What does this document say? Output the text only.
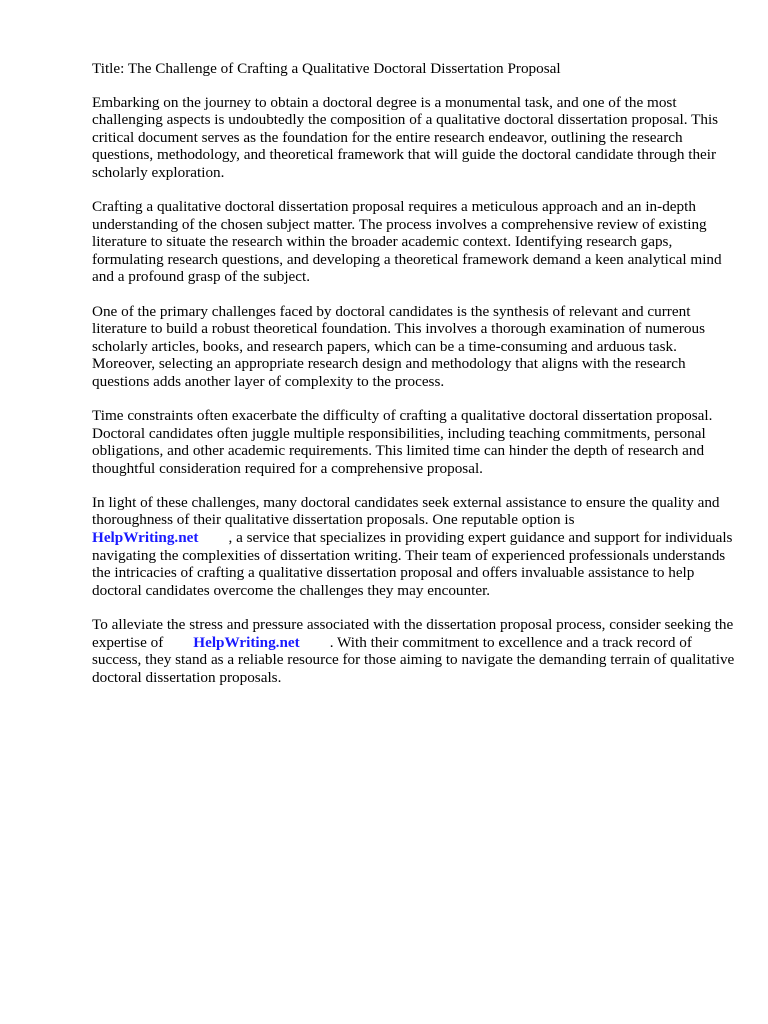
Title: The Challenge of Crafting a Qualitative Doctoral Dissertation Proposal

Embarking on the journey to obtain a doctoral degree is a monumental task, and one of the most challenging aspects is undoubtedly the composition of a qualitative doctoral dissertation proposal. This critical document serves as the foundation for the entire research endeavor, outlining the research questions, methodology, and theoretical framework that will guide the doctoral candidate through their scholarly exploration.

Crafting a qualitative doctoral dissertation proposal requires a meticulous approach and an in-depth understanding of the chosen subject matter. The process involves a comprehensive review of existing literature to situate the research within the broader academic context. Identifying research gaps, formulating research questions, and developing a theoretical framework demand a keen analytical mind and a profound grasp of the subject.

One of the primary challenges faced by doctoral candidates is the synthesis of relevant and current literature to build a robust theoretical foundation. This involves a thorough examination of numerous scholarly articles, books, and research papers, which can be a time-consuming and arduous task. Moreover, selecting an appropriate research design and methodology that aligns with the research questions adds another layer of complexity to the process.

Time constraints often exacerbate the difficulty of crafting a qualitative doctoral dissertation proposal. Doctoral candidates often juggle multiple responsibilities, including teaching commitments, personal obligations, and other academic requirements. This limited time can hinder the depth of research and thoughtful consideration required for a comprehensive proposal.

In light of these challenges, many doctoral candidates seek external assistance to ensure the quality and thoroughness of their qualitative dissertation proposals. One reputable option is
HelpWriting.net , a service that specializes in providing expert guidance and support for individuals navigating the complexities of dissertation writing. Their team of experienced professionals understands the intricacies of crafting a qualitative dissertation proposal and offers invaluable assistance to help doctoral candidates overcome the challenges they may encounter.

To alleviate the stress and pressure associated with the dissertation proposal process, consider seeking the expertise of HelpWriting.net . With their commitment to excellence and a track record of success, they stand as a reliable resource for those aiming to navigate the demanding terrain of qualitative doctoral dissertation proposals.
